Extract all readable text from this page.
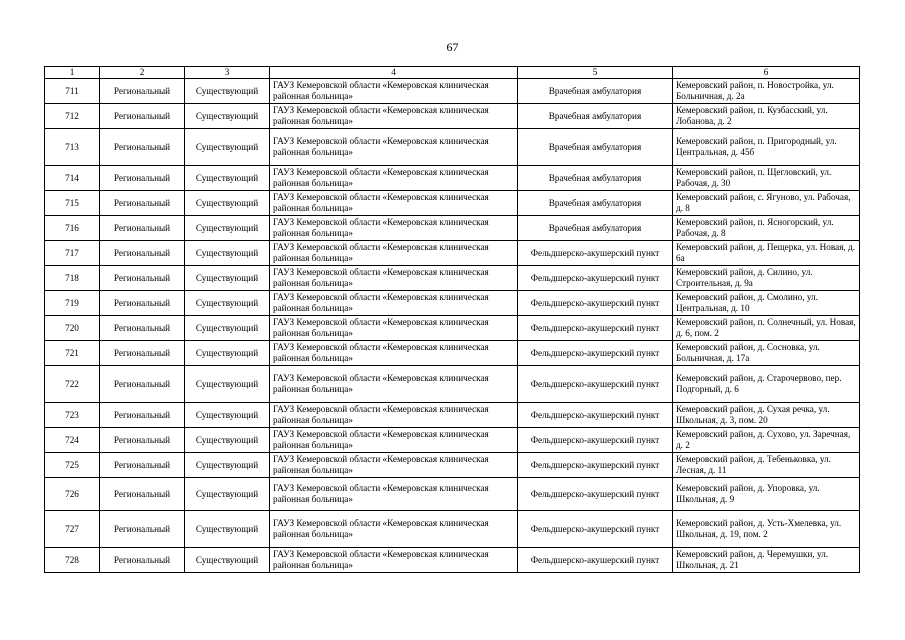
67
1	2	3	4	5	6
711	Региональный	Существующий	ГАУЗ Кемеровской области «Кемеровская клиническая районная больница»	Врачебная амбулатория	Кемеровский район, п. Новостройка, ул. Больничная, д. 2а
712	Региональный	Существующий	ГАУЗ Кемеровской области «Кемеровская клиническая районная больница»	Врачебная амбулатория	Кемеровский район, п. Кузбасский, ул. Лобанова, д. 2
713	Региональный	Существующий	ГАУЗ Кемеровской области «Кемеровская клиническая районная больница»	Врачебная амбулатория	Кемеровский район, п. Пригородный, ул. Центральная, д. 45б
714	Региональный	Существующий	ГАУЗ Кемеровской области «Кемеровская клиническая районная больница»	Врачебная амбулатория	Кемеровский район, п. Щегловский, ул. Рабочая, д. 30
715	Региональный	Существующий	ГАУЗ Кемеровской области «Кемеровская клиническая районная больница»	Врачебная амбулатория	Кемеровский район, с. Ягуново, ул. Рабочая, д. 8
716	Региональный	Существующий	ГАУЗ Кемеровской области «Кемеровская клиническая районная больница»	Врачебная амбулатория	Кемеровский район, п. Ясногорский, ул. Рабочая, д. 8
717	Региональный	Существующий	ГАУЗ Кемеровской области «Кемеровская клиническая районная больница»	Фельдшерско-акушерский пункт	Кемеровский район, д. Пещерка, ул. Новая, д. 6а
718	Региональный	Существующий	ГАУЗ Кемеровской области «Кемеровская клиническая районная больница»	Фельдшерско-акушерский пункт	Кемеровский район, д. Силино, ул. Строительная, д. 9а
719	Региональный	Существующий	ГАУЗ Кемеровской области «Кемеровская клиническая районная больница»	Фельдшерско-акушерский пункт	Кемеровский район, д. Смолино, ул. Центральная, д. 10
720	Региональный	Существующий	ГАУЗ Кемеровской области «Кемеровская клиническая районная больница»	Фельдшерско-акушерский пункт	Кемеровский район, п. Солнечный, ул. Новая, д. 6, пом. 2
721	Региональный	Существующий	ГАУЗ Кемеровской области «Кемеровская клиническая районная больница»	Фельдшерско-акушерский пункт	Кемеровский район, д. Сосновка, ул. Больничная, д. 17а
722	Региональный	Существующий	ГАУЗ Кемеровской области «Кемеровская клиническая районная больница»	Фельдшерско-акушерский пункт	Кемеровский район, д. Старочервово, пер. Подгорный, д. 6
723	Региональный	Существующий	ГАУЗ Кемеровской области «Кемеровская клиническая районная больница»	Фельдшерско-акушерский пункт	Кемеровский район, д. Сухая речка, ул. Школьная, д. 3, пом. 20
724	Региональный	Существующий	ГАУЗ Кемеровской области «Кемеровская клиническая районная больница»	Фельдшерско-акушерский пункт	Кемеровский район, д. Сухово, ул. Заречная, д. 2
725	Региональный	Существующий	ГАУЗ Кемеровской области «Кемеровская клиническая районная больница»	Фельдшерско-акушерский пункт	Кемеровский район, д. Тебеньковка, ул. Лесная, д. 11
726	Региональный	Существующий	ГАУЗ Кемеровской области «Кемеровская клиническая районная больница»	Фельдшерско-акушерский пункт	Кемеровский район, д. Упоровка, ул. Школьная, д. 9
727	Региональный	Существующий	ГАУЗ Кемеровской области «Кемеровская клиническая районная больница»	Фельдшерско-акушерский пункт	Кемеровский район, д. Усть-Хмелевка, ул. Школьная, д. 19, пом. 2
728	Региональный	Существующий	ГАУЗ Кемеровской области «Кемеровская клиническая районная больница»	Фельдшерско-акушерский пункт	Кемеровский район, д. Черемушки, ул. Школьная, д. 21
